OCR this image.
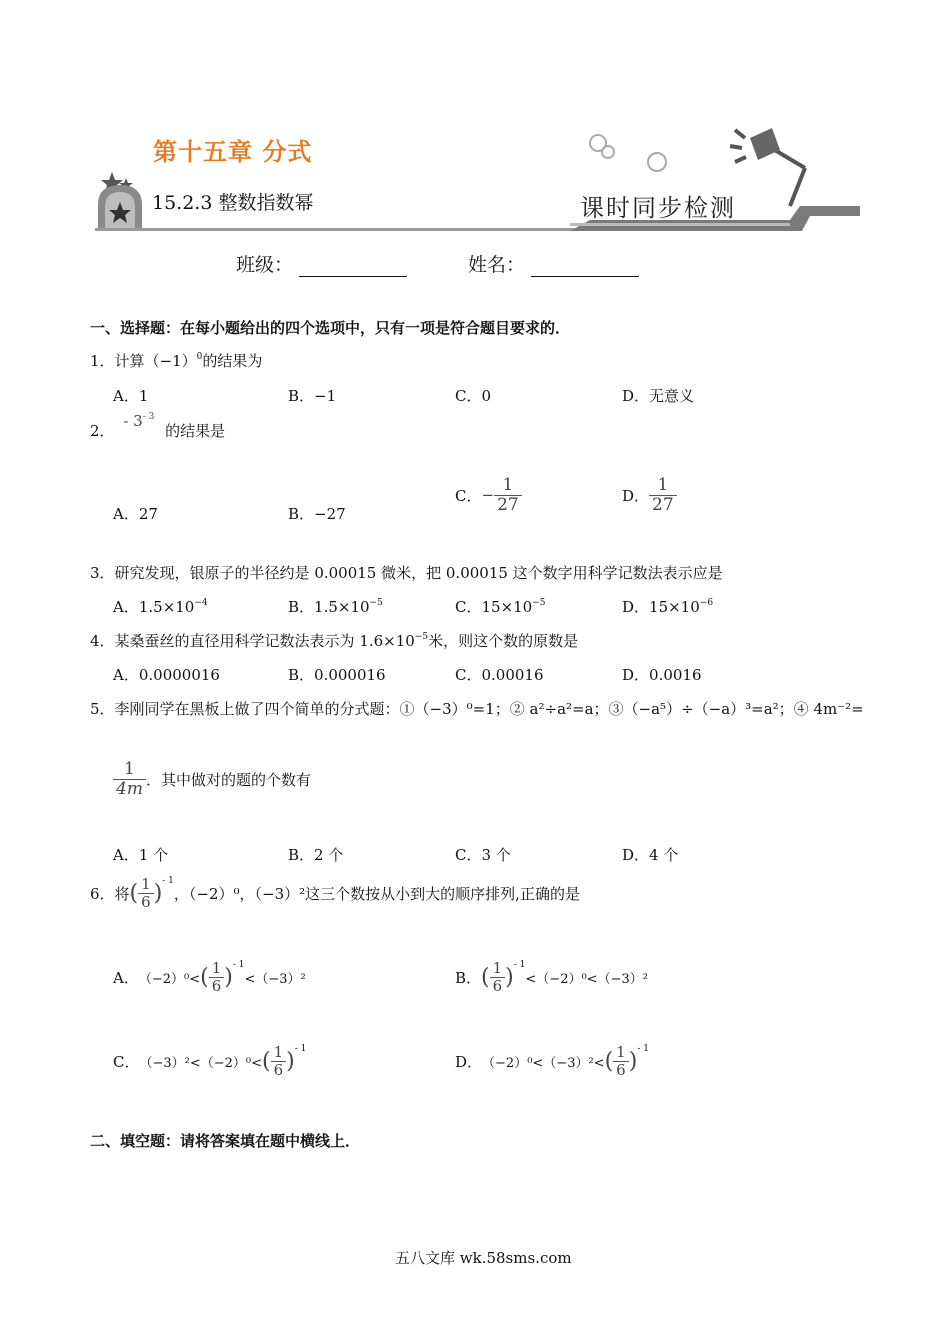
第十五章 分式
15.2.3 整数指数幂	课时同步检测
班级：	姓名：
一、选择题：在每小题给出的四个选项中，只有一项是符合题目要求的．
1．计算$(-1)^0$的结果为
A．1	B．−1	C．0	D．无意义
2． - $3^{- 3}$ 的结果是
A．27	B．−27
C．− $\frac{1}{27}$	D． $\frac{1}{27}$
3．研究发现，银原子的半径约是 0.00015 微米，把 0.00015 这个数字用科学记数法表示应是
A．$1.5\times 10^{-4}$	B．$1.5\times 10^{-5}$	C．$15\times 10^{-5}$	D．$15\times 10^{-6}$
4．某桑蚕丝的直径用科学记数法表示为 $1.6\times 10^{-5}$米，则这个数的原数是
A．0.0000016	B．0.000016	C．0.00016	D．0.0016
5．李刚同学在黑板上做了四个简单的分式题：①（−3）⁰=1；② a²÷a²=a；③（−a⁵）÷（−a）³=a²；④ 4m⁻²=
$\frac{1}{4m}$ ．其中做对的题的个数有
A．1 个	B．2 个	C．3 个	D．4 个
6．将( $\frac{1}{6} )^{- 1}$，（−2）⁰，（−3）²这三个数按从小到大的顺序排列,正确的是
A．$(-2)^0<( \frac{1}{6} )^{- 1}<(-3)^2$	B．( $\frac{1}{6} )^{- 1}<(-2)^0<(-3)^2$
C．$(-3)^2<(-2)^0<( \frac{1}{6} )^{- 1}$
D．$(-2)^0<(-3)^2<( \frac{1}{6} )^{- 1}$
二、填空题：请将答案填在题中横线上．
五八文库 wk.58sms.com
